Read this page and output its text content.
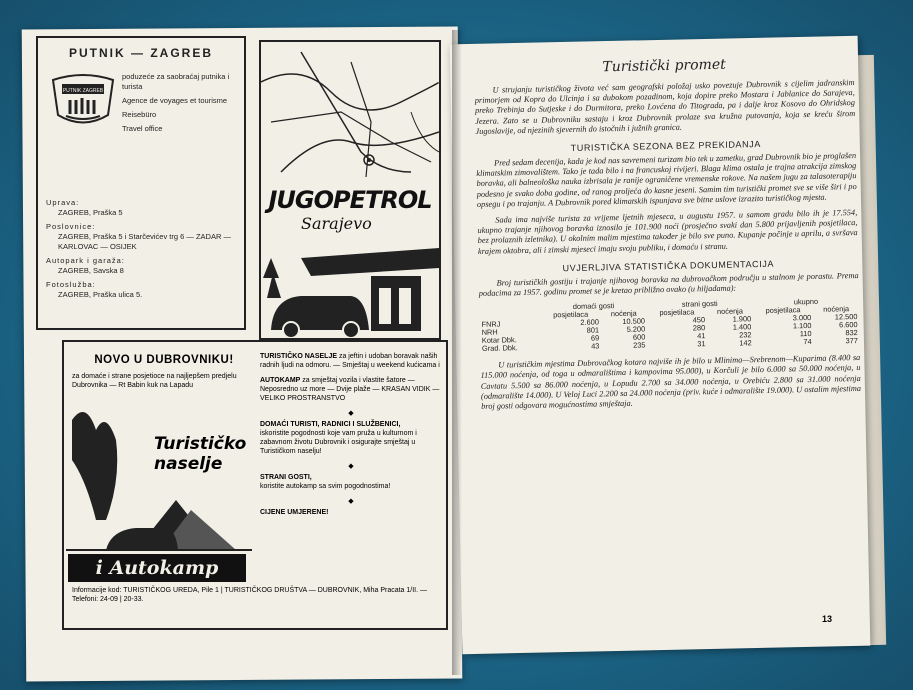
PUTNIK — ZAGREB
PUTNIK ZAGREB
poduzeće za saobraćaj putnika i turista
Agence de voyages et tourisme
Reisebüro
Travel office
Uprava:
ZAGREB, Praška 5
Poslovnice:
ZAGREB, Praška 5 i Starčevićev trg 6 — ZADAR — KARLOVAC — OSIJEK
Autopark i garaža:
ZAGREB, Savska 8
Fotoslužba:
ZAGREB, Praška ulica 5.
JUGOPETROL
Sarajevo
NOVO U DUBROVNIKU!
za domaće i strane posjetioce na najljepšem predjelu Dubrovnika — Rt Babin kuk na Lapadu
Turističko naselje
i Autokamp

TURISTIČKO NASELJE za jeftin i udoban boravak naših radnih ljudi na odmoru. — Smještaj u weekend kućicama i

AUTOKAMP za smještaj vozila i vlastite šatore — Neposredno uz more — Dvije plaže — KRASAN VIDIK — VELIKO PROSTRANSTVO

◆

DOMAĆI TURISTI, RADNICI I SLUŽBENICI,
iskoristite pogodnosti koje vam pruža u kulturnom i zabavnom životu Dubrovnik i osigurajte smještaj u Turističkom naselju!

◆

STRANI GOSTI,
koristite autokamp sa svim pogodnostima!

◆

CIJENE UMJERENE!

Informacije kod: TURISTIČKOG UREDA, Pile 1 | TURISTIČKOG DRUŠTVA — DUBROVNIK, Miha Pracata 1/II. — Telefoni: 24-09 | 20-33.
Turistički promet

U strujanju turističkog života već sam geografski položaj usko povezuje Dubrovnik s cijelim jadranskim primorjem od Kopra do Ulcinja i sa dubokom pozadinom, koja dopire preko Mostara i Jablanice do Sarajeva, preko Trebinja do Sutjeske i do Durmitora, preko Lovćena do Titograda, pa i dalje kroz Kosovo do Ohridskog Jezera. Zato se u Dubrovniku sastaju i kroz Dubrovnik prolaze sva kružna putovanja, koja se kreću širom Jugoslavije, od njezinih sjevernih do istočnih i južnih granica.

TURISTIČKA SEZONA BEZ PREKIDANJA

Pred sedam decenija, kada je kod nas savremeni turizam bio tek u zametku, grad Dubrovnik bio je proglašen klimatskim zimovalištem. Tako je tada bilo i na francuskoj rivijeri. Blaga klima ostala je trajna atrakcija zimskog boravka, ali balneološka nauka izbrisala je ranije ograničene vremenske rokove. Na našem jugu za talasoterapiju podesno je svako doba godine, od ranog proljeća do kasne jeseni. Samim tim turistički promet sve se više širi i po opsegu i po trajanju. A Dubrovnik pored klimatskih ispunjava sve bitne uslove izrazito turističkog mjesta.

Sada ima najviše turista za vrijeme ljetnih mjeseca, u augustu 1957. u samom gradu bilo ih je 17.554, ukupno trajanje njihovog boravka iznosilo je 101.900 noći (prosječno svaki dan 5.800 prijavljenih posjetilaca, bez prolaznih izletnika). U okolnim malim mjestima također je bilo sve puno. Kupanje počinje u aprilu, a svršava krajem oktobra, ali i zimski mjeseci imaju svoju publiku, i domaću i stranu.

UVJERLJIVA STATISTIČKA DOKUMENTACIJA

Broj turističkih gostiju i trajanje njihovog boravka na dubrovačkom području u stalnom je porastu. Prema podacima za 1957. godinu promet se je kretao približno ovako (u hiljadama):

	domaći gosti		strani gosti		ukupno	
	posjetilaca	noćenja	posjetilaca	noćenja	posjetilaca	noćenja
FNRJ	2.600	10.500	450	1.900	3.000	12.500
NRH	801	5.200	280	1.400	1.100	6.600
Kotar Dbk.	69	600	41	232	110	832
Grad. Dbk.	43	235	31	142	74	377

U turističkim mjestima Dubrovačkog kotara najviše ih je bilo u Mlinima—Srebrenom—Kuparima (8.400 sa 115.000 noćenja, od toga u odmaralištima i kampovima 95.000), u Korčuli je bilo 6.000 sa 50.000 noćenja, u Cavtatu 5.500 sa 86.000 noćenja, u Lopudu 2.700 sa 34.000 noćenja, u Orebiću 2.800 sa 31.000 noćenja (odmaralište 14.000). U Veloj Luci 2.200 sa 24.000 noćenja (priv. kuće i odmaralište 19.000). U ostalim mjestima broj gosti odgovara mogućnostima smještaja.

13
